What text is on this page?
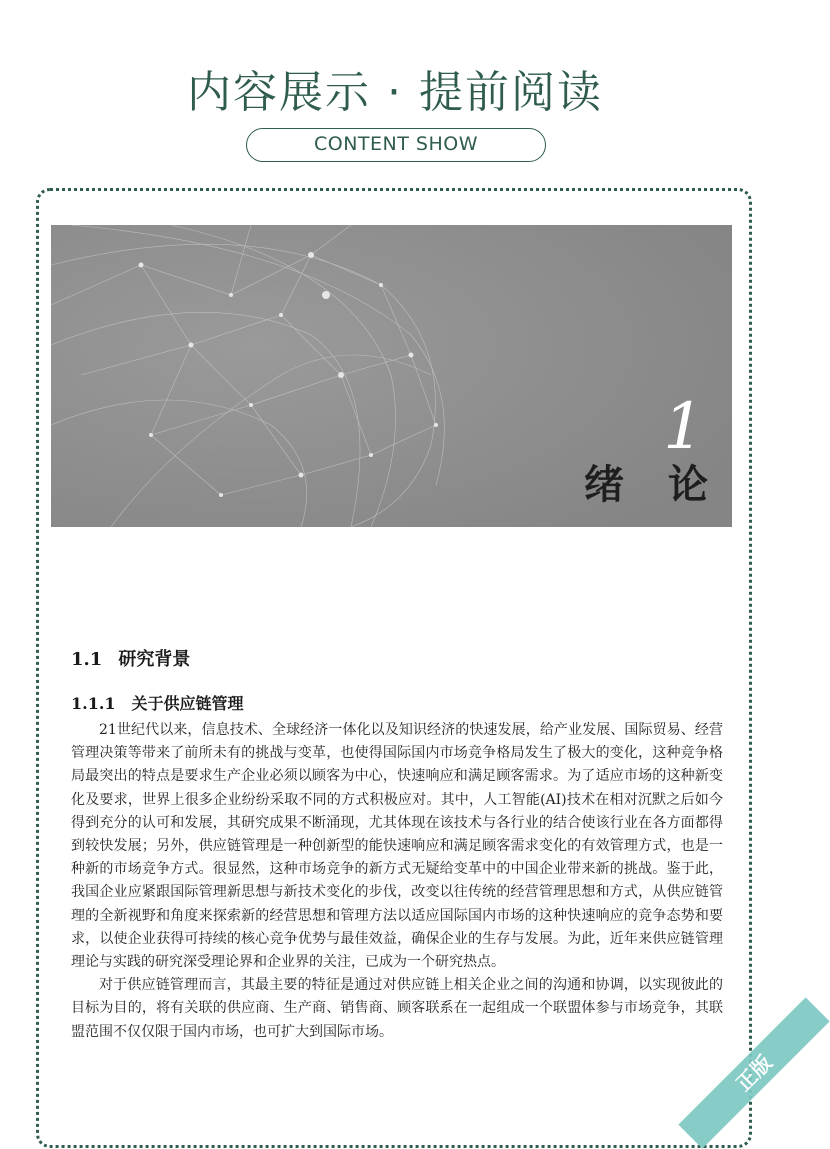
内容展示 · 提前阅读
CONTENT SHOW
1
绪论
1.1 研究背景
1.1.1 关于供应链管理

21世纪代以来，信息技术、全球经济一体化以及知识经济的快速发展，给产业发展、国际贸易、经营管理决策等带来了前所未有的挑战与变革，也使得国际国内市场竞争格局发生了极大的变化，这种竞争格局最突出的特点是要求生产企业必须以顾客为中心，快速响应和满足顾客需求。为了适应市场的这种新变化及要求，世界上很多企业纷纷采取不同的方式积极应对。其中，人工智能(AI)技术在相对沉默之后如今得到充分的认可和发展，其研究成果不断涌现，尤其体现在该技术与各行业的结合使该行业在各方面都得到较快发展；另外，供应链管理是一种创新型的能快速响应和满足顾客需求变化的有效管理方式，也是一种新的市场竞争方式。很显然，这种市场竞争的新方式无疑给变革中的中国企业带来新的挑战。鉴于此，我国企业应紧跟国际管理新思想与新技术变化的步伐，改变以往传统的经营管理思想和方式，从供应链管理的全新视野和角度来探索新的经营思想和管理方法以适应国际国内市场的这种快速响应的竞争态势和要求，以使企业获得可持续的核心竞争优势与最佳效益，确保企业的生存与发展。为此，近年来供应链管理理论与实践的研究深受理论界和企业界的关注，已成为一个研究热点。

对于供应链管理而言，其最主要的特征是通过对供应链上相关企业之间的沟通和协调，以实现彼此的目标为目的，将有关联的供应商、生产商、销售商、顾客联系在一起组成一个联盟体参与市场竞争，其联盟范围不仅仅限于国内市场，也可扩大到国际市场。

正版
